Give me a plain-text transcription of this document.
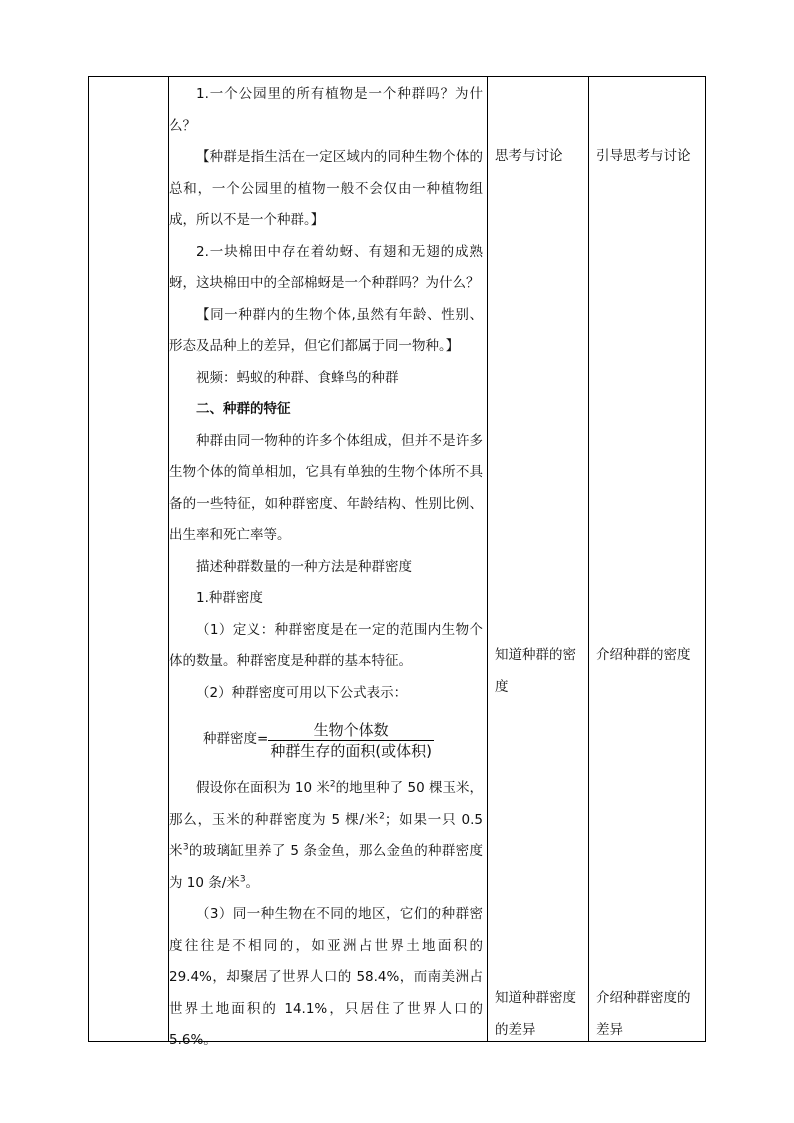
1.一个公园里的所有植物是一个种群吗？为什么？

【种群是指生活在一定区域内的同种生物个体的总和，一个公园里的植物一般不会仅由一种植物组成，所以不是一个种群。】

2.一块棉田中存在着幼蚜、有翅和无翅的成熟蚜，这块棉田中的全部棉蚜是一个种群吗？为什么？

【同一种群内的生物个体,虽然有年龄、性别、形态及品种上的差异，但它们都属于同一物种。】

视频：蚂蚁的种群、食蜂鸟的种群

二、种群的特征

种群由同一物种的许多个体组成，但并不是许多生物个体的简单相加，它具有单独的生物个体所不具备的一些特征，如种群密度、年龄结构、性别比例、出生率和死亡率等。

描述种群数量的一种方法是种群密度

1.种群密度

（1）定义：种群密度是在一定的范围内生物个体的数量。种群密度是种群的基本特征。

（2）种群密度可用以下公式表示：

种群密度= $\frac{\text{生物个体数}}{\text{种群生存的面积(或体积)}}$

假设你在面积为 10 米$^2$的地里种了 50 棵玉米，那么，玉米的种群密度为 5 棵/米$^2$；如果一只 0.5 米$^3$的玻璃缸里养了 5 条金鱼，那么金鱼的种群密度为 10 条/米$^3$。

（3）同一种生物在不同的地区，它们的种群密度往往是不相同的，如亚洲占世界土地面积的 29.4%，却聚居了世界人口的 58.4%，而南美洲占世界土地面积的 14.1%，只居住了世界人口的 5.6%。

思考与讨论	引导思考与讨论
知道种群的密度
介绍种群的密度
知道种群密度的差异
介绍种群密度的差异
